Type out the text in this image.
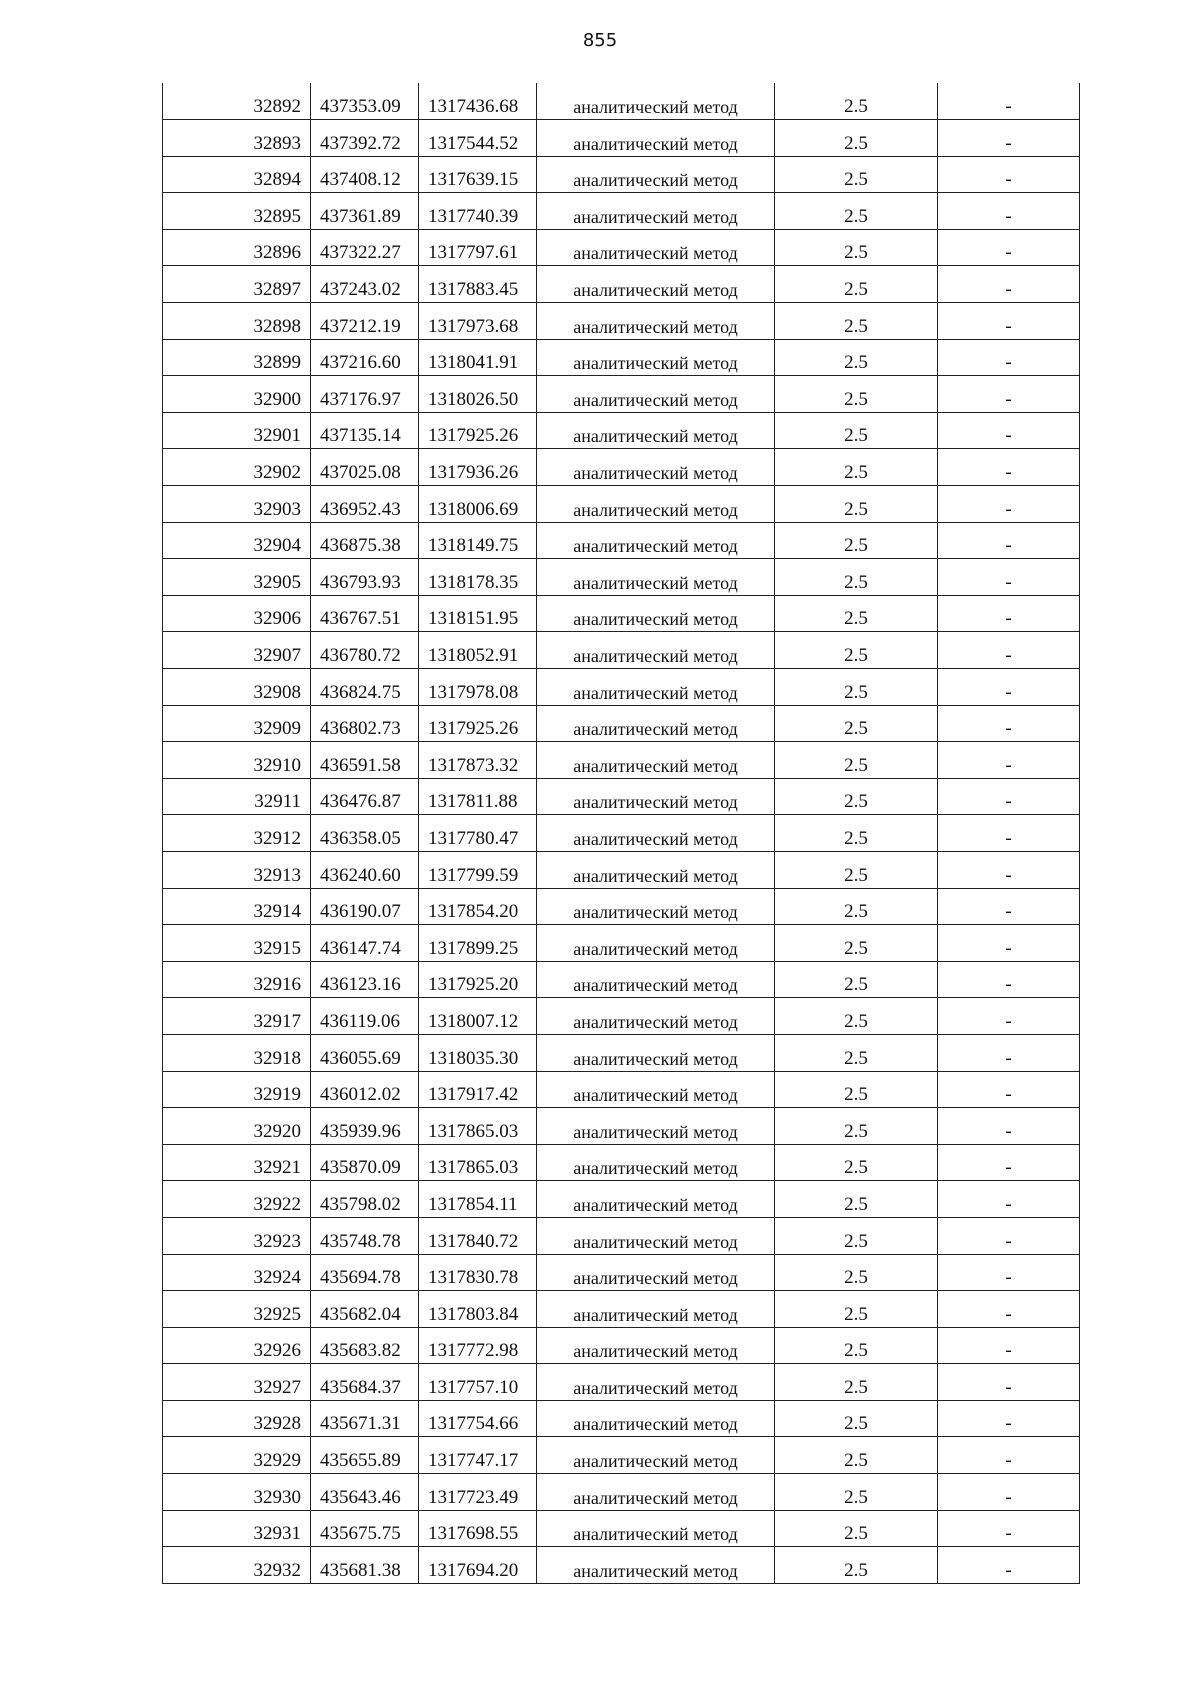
855
32892	437353.09	1317436.68	аналитический метод	2.5	-
32893	437392.72	1317544.52	аналитический метод	2.5	-
32894	437408.12	1317639.15	аналитический метод	2.5	-
32895	437361.89	1317740.39	аналитический метод	2.5	-
32896	437322.27	1317797.61	аналитический метод	2.5	-
32897	437243.02	1317883.45	аналитический метод	2.5	-
32898	437212.19	1317973.68	аналитический метод	2.5	-
32899	437216.60	1318041.91	аналитический метод	2.5	-
32900	437176.97	1318026.50	аналитический метод	2.5	-
32901	437135.14	1317925.26	аналитический метод	2.5	-
32902	437025.08	1317936.26	аналитический метод	2.5	-
32903	436952.43	1318006.69	аналитический метод	2.5	-
32904	436875.38	1318149.75	аналитический метод	2.5	-
32905	436793.93	1318178.35	аналитический метод	2.5	-
32906	436767.51	1318151.95	аналитический метод	2.5	-
32907	436780.72	1318052.91	аналитический метод	2.5	-
32908	436824.75	1317978.08	аналитический метод	2.5	-
32909	436802.73	1317925.26	аналитический метод	2.5	-
32910	436591.58	1317873.32	аналитический метод	2.5	-
32911	436476.87	1317811.88	аналитический метод	2.5	-
32912	436358.05	1317780.47	аналитический метод	2.5	-
32913	436240.60	1317799.59	аналитический метод	2.5	-
32914	436190.07	1317854.20	аналитический метод	2.5	-
32915	436147.74	1317899.25	аналитический метод	2.5	-
32916	436123.16	1317925.20	аналитический метод	2.5	-
32917	436119.06	1318007.12	аналитический метод	2.5	-
32918	436055.69	1318035.30	аналитический метод	2.5	-
32919	436012.02	1317917.42	аналитический метод	2.5	-
32920	435939.96	1317865.03	аналитический метод	2.5	-
32921	435870.09	1317865.03	аналитический метод	2.5	-
32922	435798.02	1317854.11	аналитический метод	2.5	-
32923	435748.78	1317840.72	аналитический метод	2.5	-
32924	435694.78	1317830.78	аналитический метод	2.5	-
32925	435682.04	1317803.84	аналитический метод	2.5	-
32926	435683.82	1317772.98	аналитический метод	2.5	-
32927	435684.37	1317757.10	аналитический метод	2.5	-
32928	435671.31	1317754.66	аналитический метод	2.5	-
32929	435655.89	1317747.17	аналитический метод	2.5	-
32930	435643.46	1317723.49	аналитический метод	2.5	-
32931	435675.75	1317698.55	аналитический метод	2.5	-
32932	435681.38	1317694.20	аналитический метод	2.5	-
